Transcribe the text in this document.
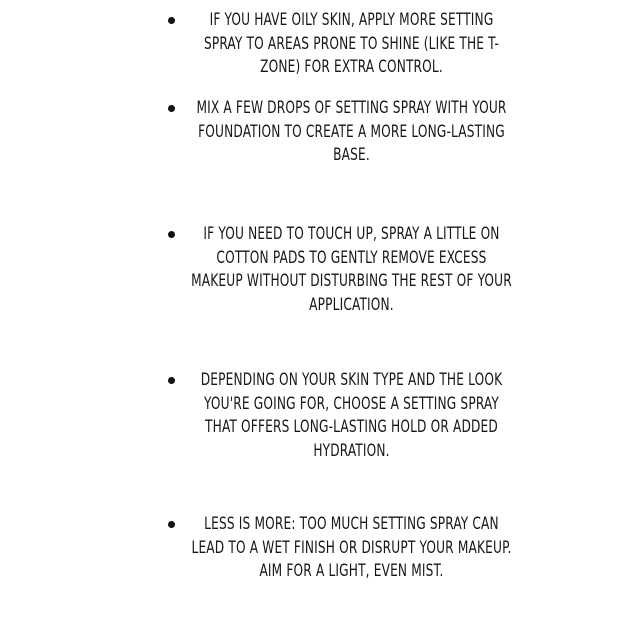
IF YOU HAVE OILY SKIN, APPLY MORE SETTING SPRAY TO AREAS PRONE TO SHINE (LIKE THE T-ZONE) FOR EXTRA CONTROL.
MIX A FEW DROPS OF SETTING SPRAY WITH YOUR FOUNDATION TO CREATE A MORE LONG-LASTING BASE.
IF YOU NEED TO TOUCH UP, SPRAY A LITTLE ON COTTON PADS TO GENTLY REMOVE EXCESS MAKEUP WITHOUT DISTURBING THE REST OF YOUR APPLICATION.
DEPENDING ON YOUR SKIN TYPE AND THE LOOK YOU'RE GOING FOR, CHOOSE A SETTING SPRAY THAT OFFERS LONG-LASTING HOLD OR ADDED HYDRATION.
LESS IS MORE: TOO MUCH SETTING SPRAY CAN LEAD TO A WET FINISH OR DISRUPT YOUR MAKEUP. AIM FOR A LIGHT, EVEN MIST.
